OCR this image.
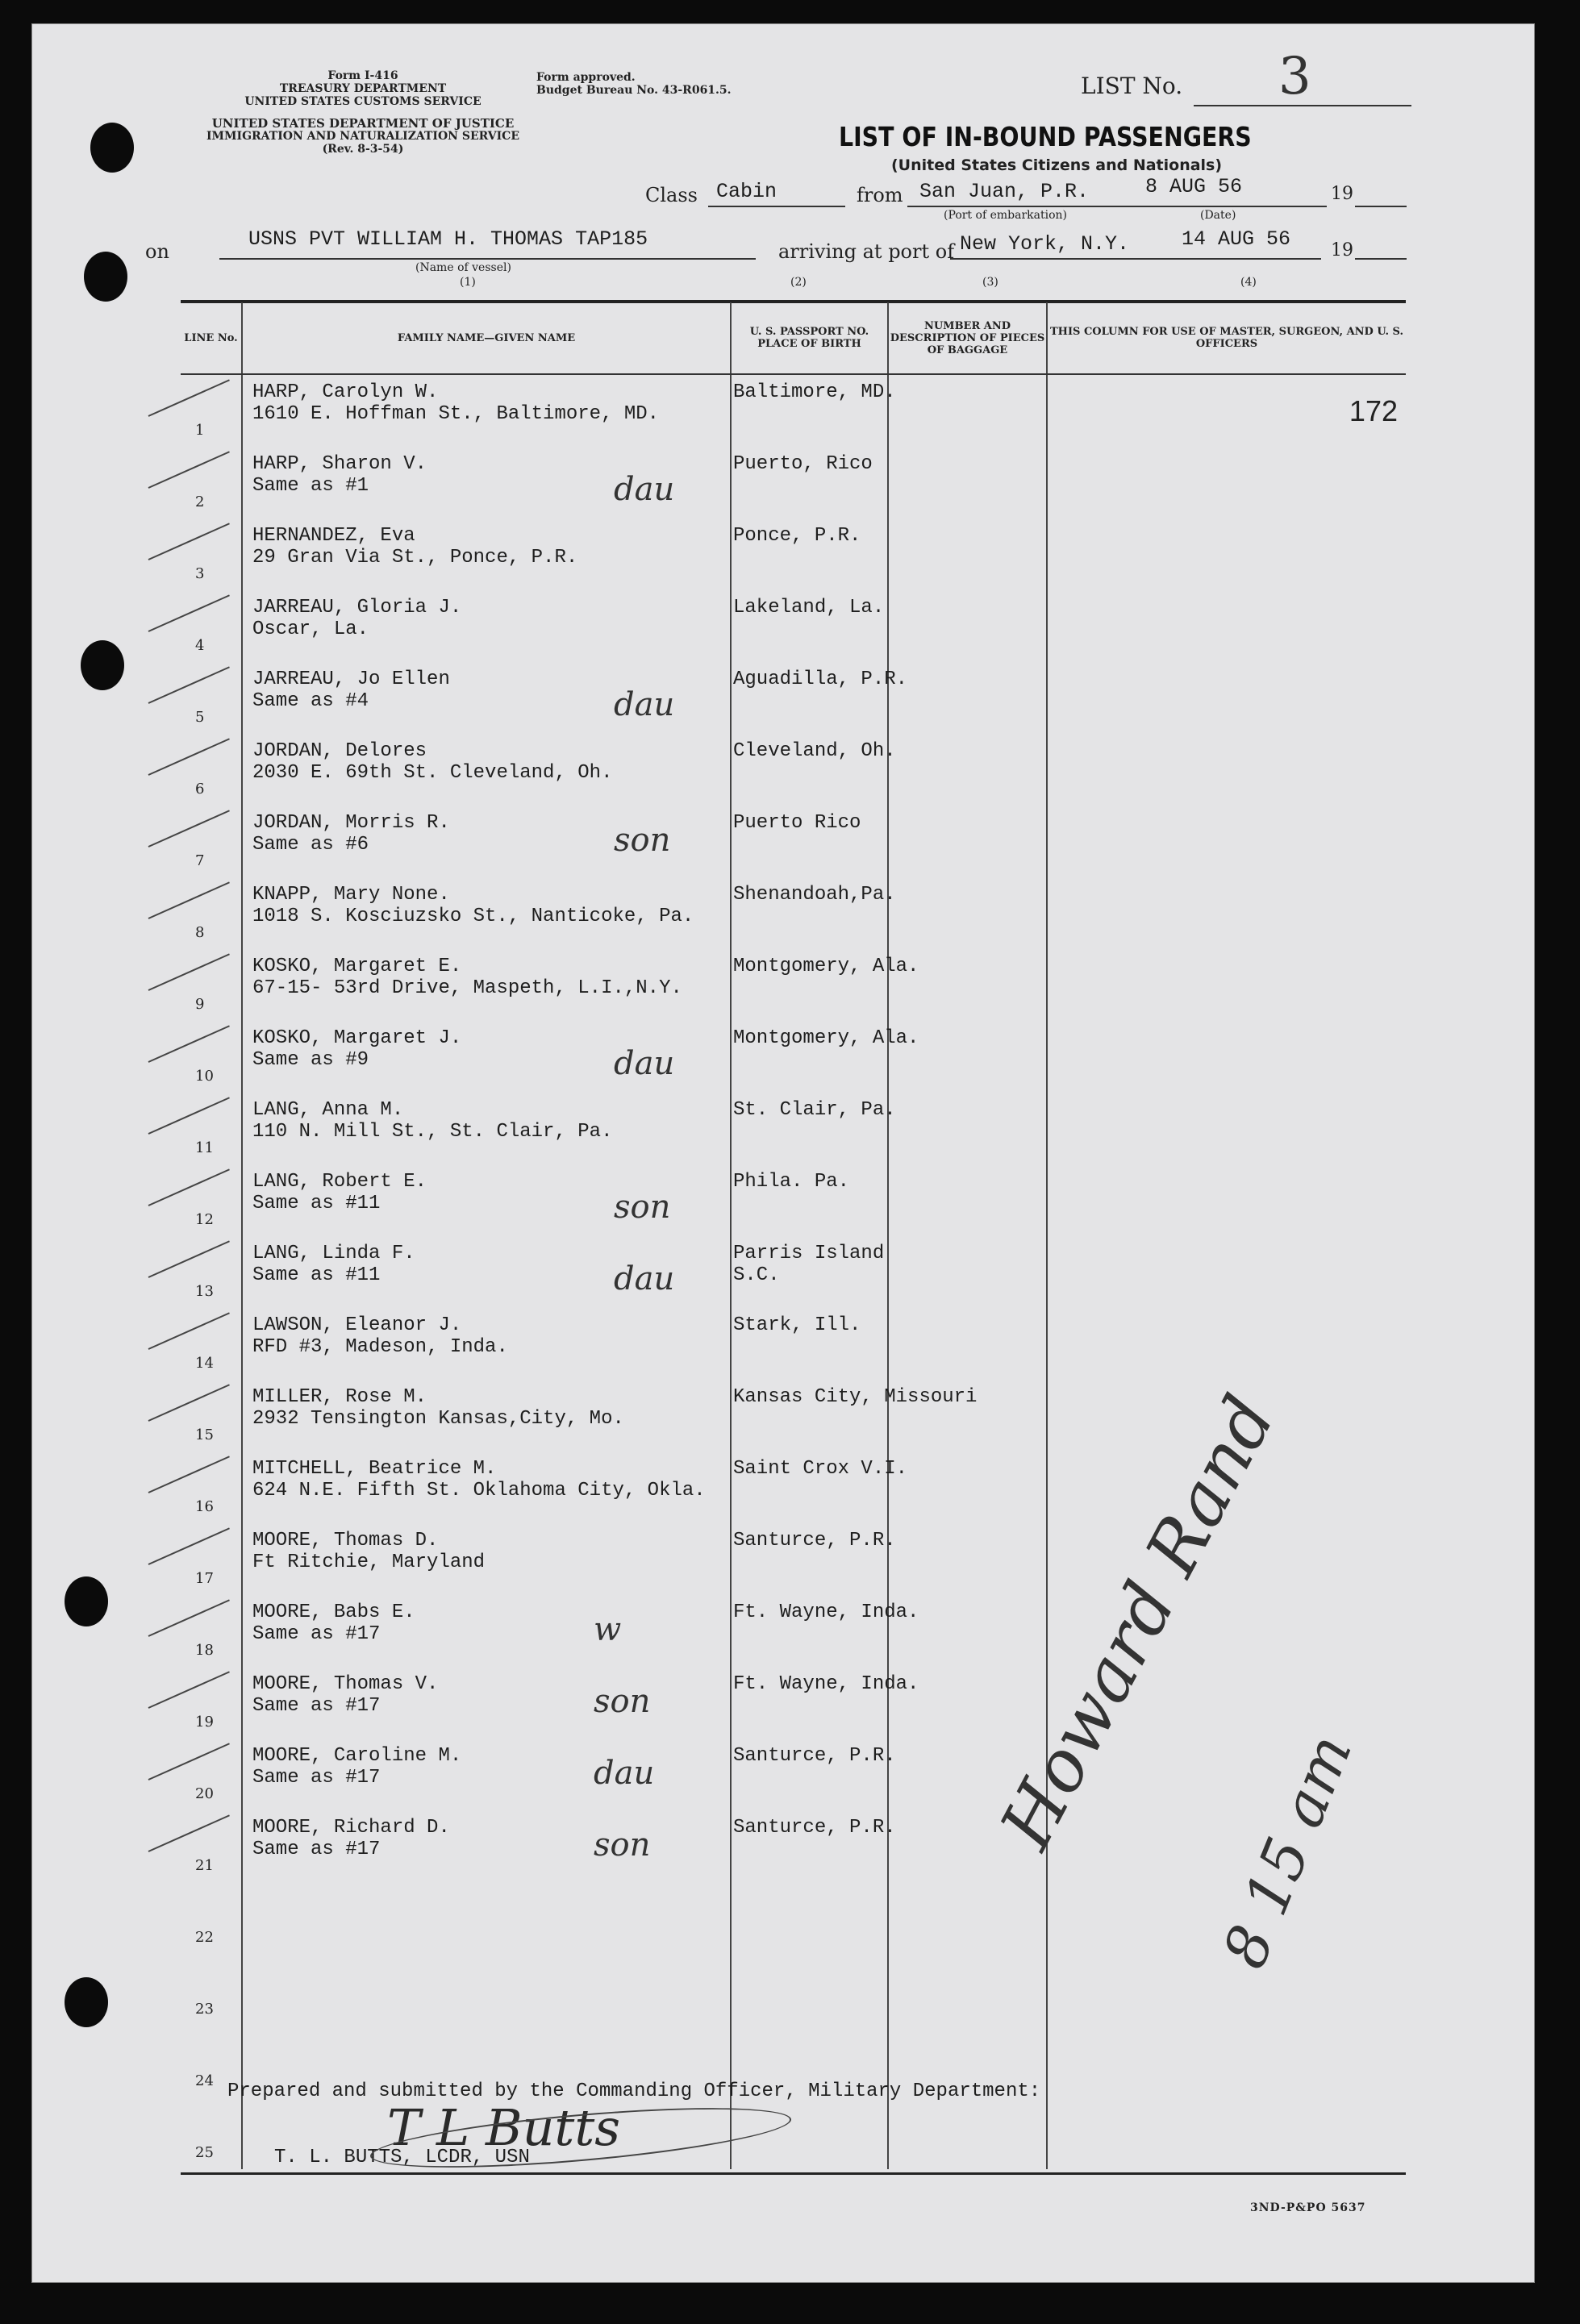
Form I-416
TREASURY DEPARTMENT
UNITED STATES CUSTOMS SERVICE
UNITED STATES DEPARTMENT OF JUSTICE
IMMIGRATION AND NATURALIZATION SERVICE
(Rev. 8-3-54)
Form approved.
Budget Bureau No. 43-R061.5.	LIST No. 3
LIST OF IN-BOUND PASSENGERS
(United States Citizens and Nationals)
Class Cabin	from San Juan, P.R.	8 AUG 56
(Port of embarkation)	(Date)
19
on
USNS PVT WILLIAM H. THOMAS TAP185
(Name of vessel)
(1)
arriving at port of New York, N.Y.	14 AUG 56 19
(2)	(3)	(4)
LINE No.	FAMILY NAME—GIVEN NAME	U. S. PASSPORT NO. PLACE OF BIRTH	NUMBER AND DESCRIPTION OF PIECES OF BAGGAGE	THIS COLUMN FOR USE OF MASTER, SURGEON, AND U. S. OFFICERS

1	HARP, Carolyn W.
1610 E. Hoffman St., Baltimore, MD.	Baltimore, MD.		172

2	HARP, Sharon V.
Same as #1 dau	Puerto, Rico		

3	HERNANDEZ, Eva
29 Gran Via St., Ponce, P.R.	Ponce, P.R.		

4	JARREAU, Gloria J.
Oscar, La.	Lakeland, La.		

5	JARREAU, Jo Ellen
Same as #4 dau	Aguadilla, P.R.		

6	JORDAN, Delores
2030 E. 69th St. Cleveland, Oh.	Cleveland, Oh.		

7	JORDAN, Morris R.
Same as #6 son	Puerto Rico		

8	KNAPP, Mary None.
1018 S. Kosciuzsko St., Nanticoke, Pa.	Shenandoah,Pa.		

9	KOSKO, Margaret E.
67-15- 53rd Drive, Maspeth, L.I.,N.Y.	Montgomery, Ala.		

10	KOSKO, Margaret J.
Same as #9 dau	Montgomery, Ala.		

11	LANG, Anna M.
110 N. Mill St., St. Clair, Pa.	St. Clair, Pa.		

12	LANG, Robert E.
Same as #11 son	Phila. Pa.		

13	LANG, Linda F.
Same as #11 dau	Parris Island
S.C.		

14	LAWSON, Eleanor J.
RFD #3, Madeson, Inda.	Stark, Ill.		

15	MILLER, Rose M.
2932 Tensington Kansas,City, Mo.	Kansas City, Missouri		

16	MITCHELL, Beatrice M.
624 N.E. Fifth St. Oklahoma City, Okla.	Saint Crox V.I.		

17	MOORE, Thomas D.
Ft Ritchie, Maryland	Santurce, P.R.		

18	MOORE, Babs E.
Same as #17 w	Ft. Wayne, Inda.		

19	MOORE, Thomas V.
Same as #17 son	Ft. Wayne, Inda.		

20	MOORE, Caroline M.
Same as #17 dau	Santurce, P.R.		

21	MOORE, Richard D.
Same as #17 son	Santurce, P.R.		

22				

23				

24				

25				

Prepared and submitted by the Commanding Officer, Military Department:
T. L. BUTTS, LCDR, USN
T L Butts
3ND-P&PO 5637
Howard Rand
8 15 am
